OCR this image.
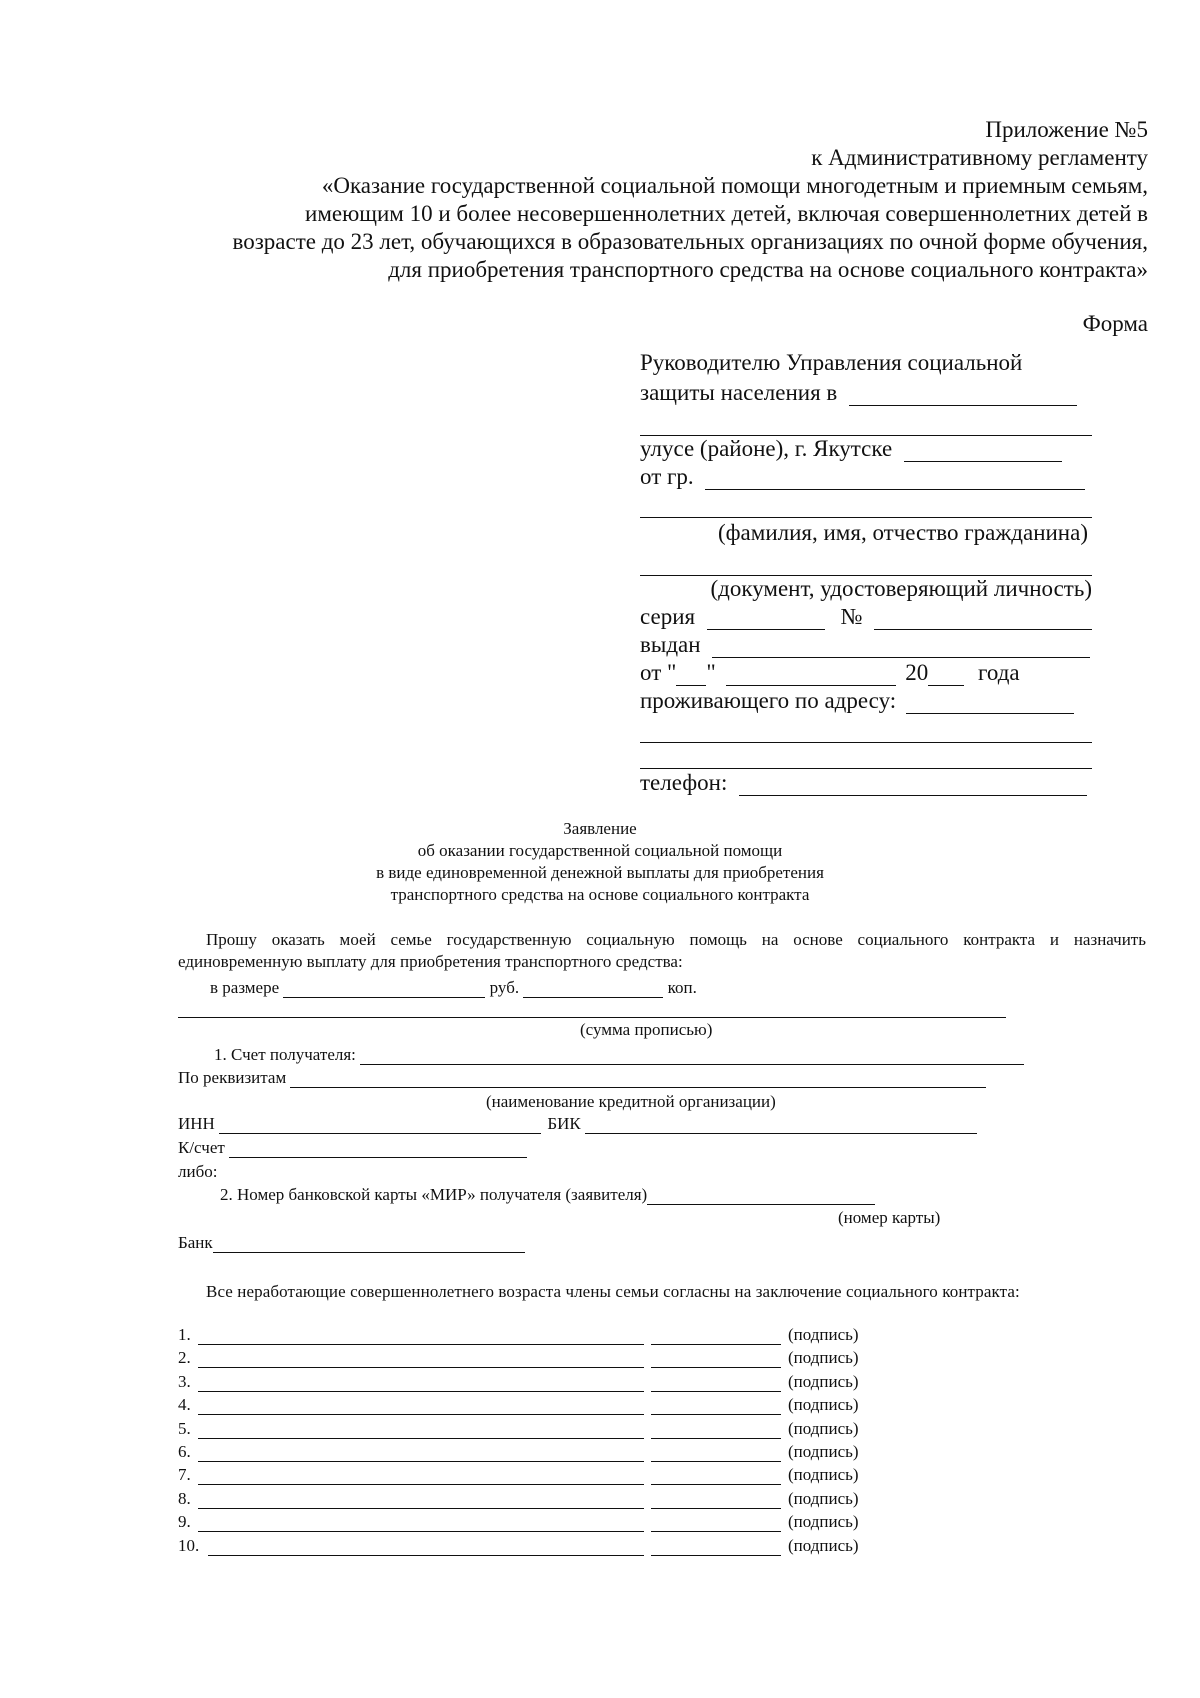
Приложение №5
к Административному регламенту
«Оказание государственной социальной помощи многодетным и приемным семьям,
имеющим 10 и более несовершеннолетних детей, включая совершеннолетних детей в
возрасте до 23 лет, обучающихся в образовательных организациях по очной форме обучения,
для приобретения транспортного средства на основе социального контракта»
Форма
Руководителю Управления социальной
защиты населения в
улусе (районе), г. Якутске
от гр.
(фамилия, имя, отчество гражданина)
(документ, удостоверяющий личность)
серия	№
выдан
от " "	20 года
проживающего по адресу:
телефон:
Заявление
об оказании государственной социальной помощи
в виде единовременной денежной выплаты для приобретения
транспортного средства на основе социального контракта
Прошу оказать моей семье государственную социальную помощь на основе социального контракта и назначить единовременную выплату для приобретения транспортного средства:
в размере	руб.	коп.
(сумма прописью)
1. Счет получателя:
По реквизитам
(наименование кредитной организации)
ИНН	БИК
К/счет
либо:
2. Номер банковской карты «МИР» получателя (заявителя)
(номер карты)
Банк
Все неработающие совершеннолетнего возраста члены семьи согласны на заключение социального контракта:
1.	(подпись)
2.	(подпись)
3.	(подпись)
4.	(подпись)
5.	(подпись)
6.	(подпись)
7.	(подпись)
8.	(подпись)
9.	(подпись)
10.	(подпись)
